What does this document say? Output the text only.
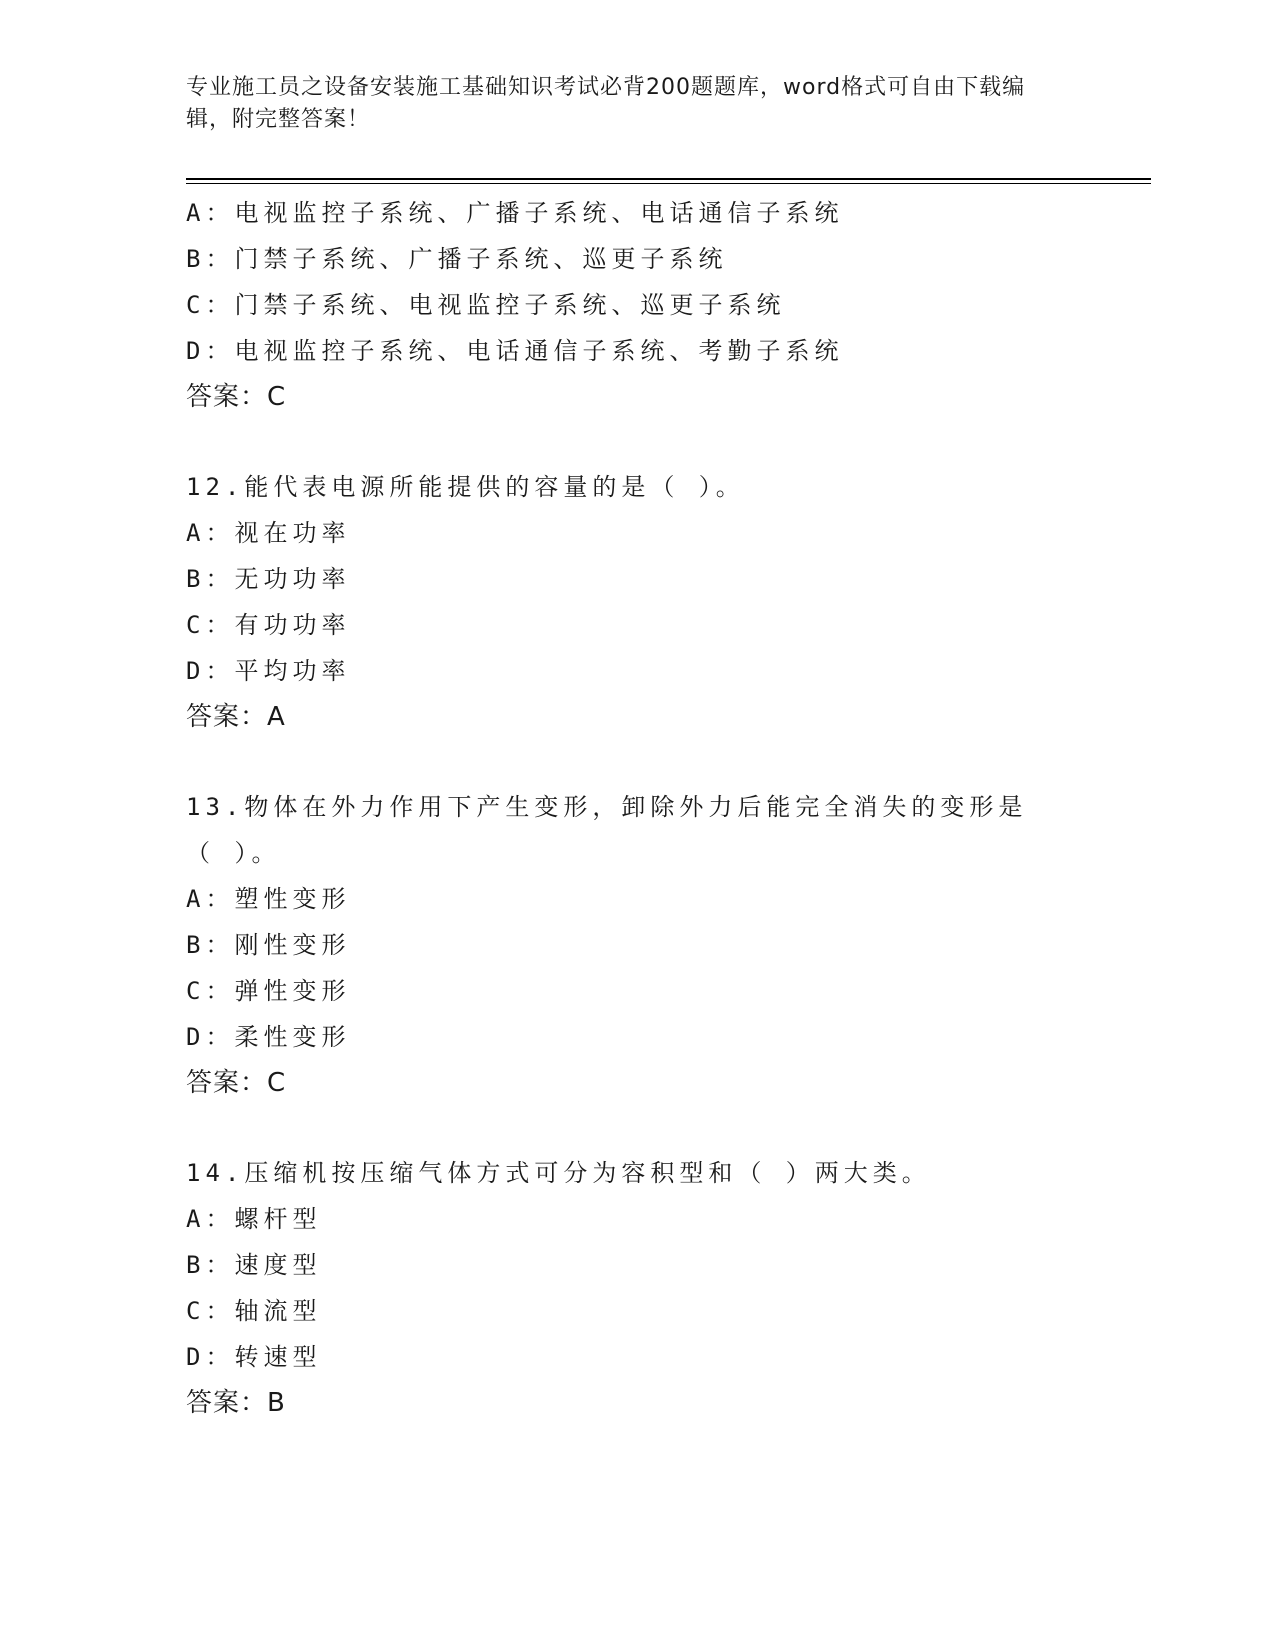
专业施工员之设备安装施工基础知识考试必背200题题库，word格式可自由下载编辑，附完整答案！
A：电视监控子系统、广播子系统、电话通信子系统
B：门禁子系统、广播子系统、巡更子系统
C：门禁子系统、电视监控子系统、巡更子系统
D：电视监控子系统、电话通信子系统、考勤子系统
答案：C
12.能代表电源所能提供的容量的是（ ）。
A：视在功率
B：无功功率
C：有功功率
D：平均功率
答案：A
13.物体在外力作用下产生变形，卸除外力后能完全消失的变形是（ ）。
A：塑性变形
B：刚性变形
C：弹性变形
D：柔性变形
答案：C
14.压缩机按压缩气体方式可分为容积型和（ ）两大类。
A：螺杆型
B：速度型
C：轴流型
D：转速型
答案：B
